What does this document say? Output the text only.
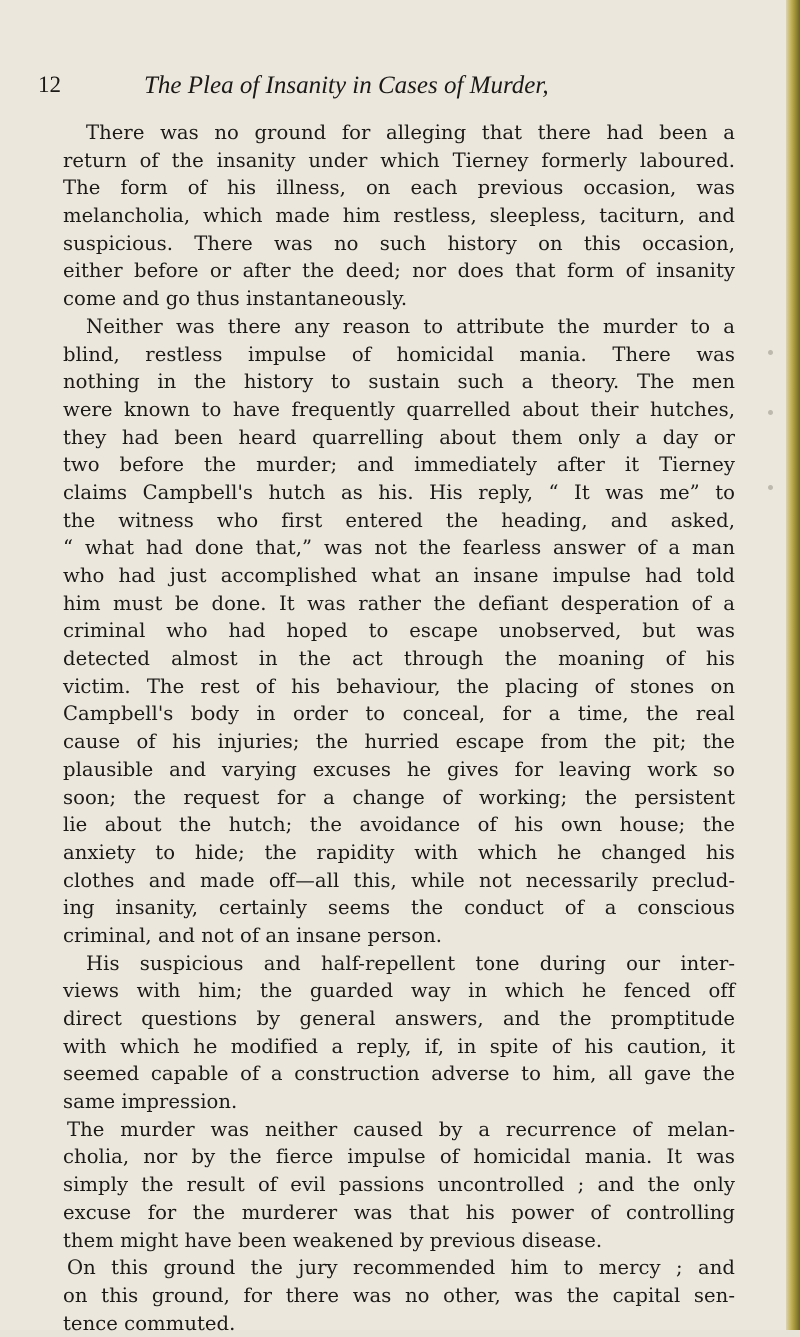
12	The Plea of Insanity in Cases of Murder,
There was no ground for alleging that there had been a
return of the insanity under which Tierney formerly laboured.
The form of his illness, on each previous occasion, was
melancholia, which made him restless, sleepless, taciturn, and
suspicious. There was no such history on this occasion,
either before or after the deed; nor does that form of insanity
come and go thus instantaneously.
Neither was there any reason to attribute the murder to a
blind, restless impulse of homicidal mania. There was
nothing in the history to sustain such a theory. The men
were known to have frequently quarrelled about their hutches,
they had been heard quarrelling about them only a day or
two before the murder; and immediately after it Tierney
claims Campbell's hutch as his. His reply, “ It was me” to
the witness who first entered the heading, and asked,
“ what had done that,” was not the fearless answer of a man
who had just accomplished what an insane impulse had told
him must be done. It was rather the defiant desperation of a
criminal who had hoped to escape unobserved, but was
detected almost in the act through the moaning of his
victim. The rest of his behaviour, the placing of stones on
Campbell's body in order to conceal, for a time, the real
cause of his injuries; the hurried escape from the pit; the
plausible and varying excuses he gives for leaving work so
soon; the request for a change of working; the persistent
lie about the hutch; the avoidance of his own house; the
anxiety to hide; the rapidity with which he changed his
clothes and made off—all this, while not necessarily preclud-
ing insanity, certainly seems the conduct of a conscious
criminal, and not of an insane person.
His suspicious and half-repellent tone during our inter-
views with him; the guarded way in which he fenced off
direct questions by general answers, and the promptitude
with which he modified a reply, if, in spite of his caution, it
seemed capable of a construction adverse to him, all gave the
same impression.
The murder was neither caused by a recurrence of melan-
cholia, nor by the fierce impulse of homicidal mania. It was
simply the result of evil passions uncontrolled ; and the only
excuse for the murderer was that his power of controlling
them might have been weakened by previous disease.
On this ground the jury recommended him to mercy ; and
on this ground, for there was no other, was the capital sen-
tence commuted.
